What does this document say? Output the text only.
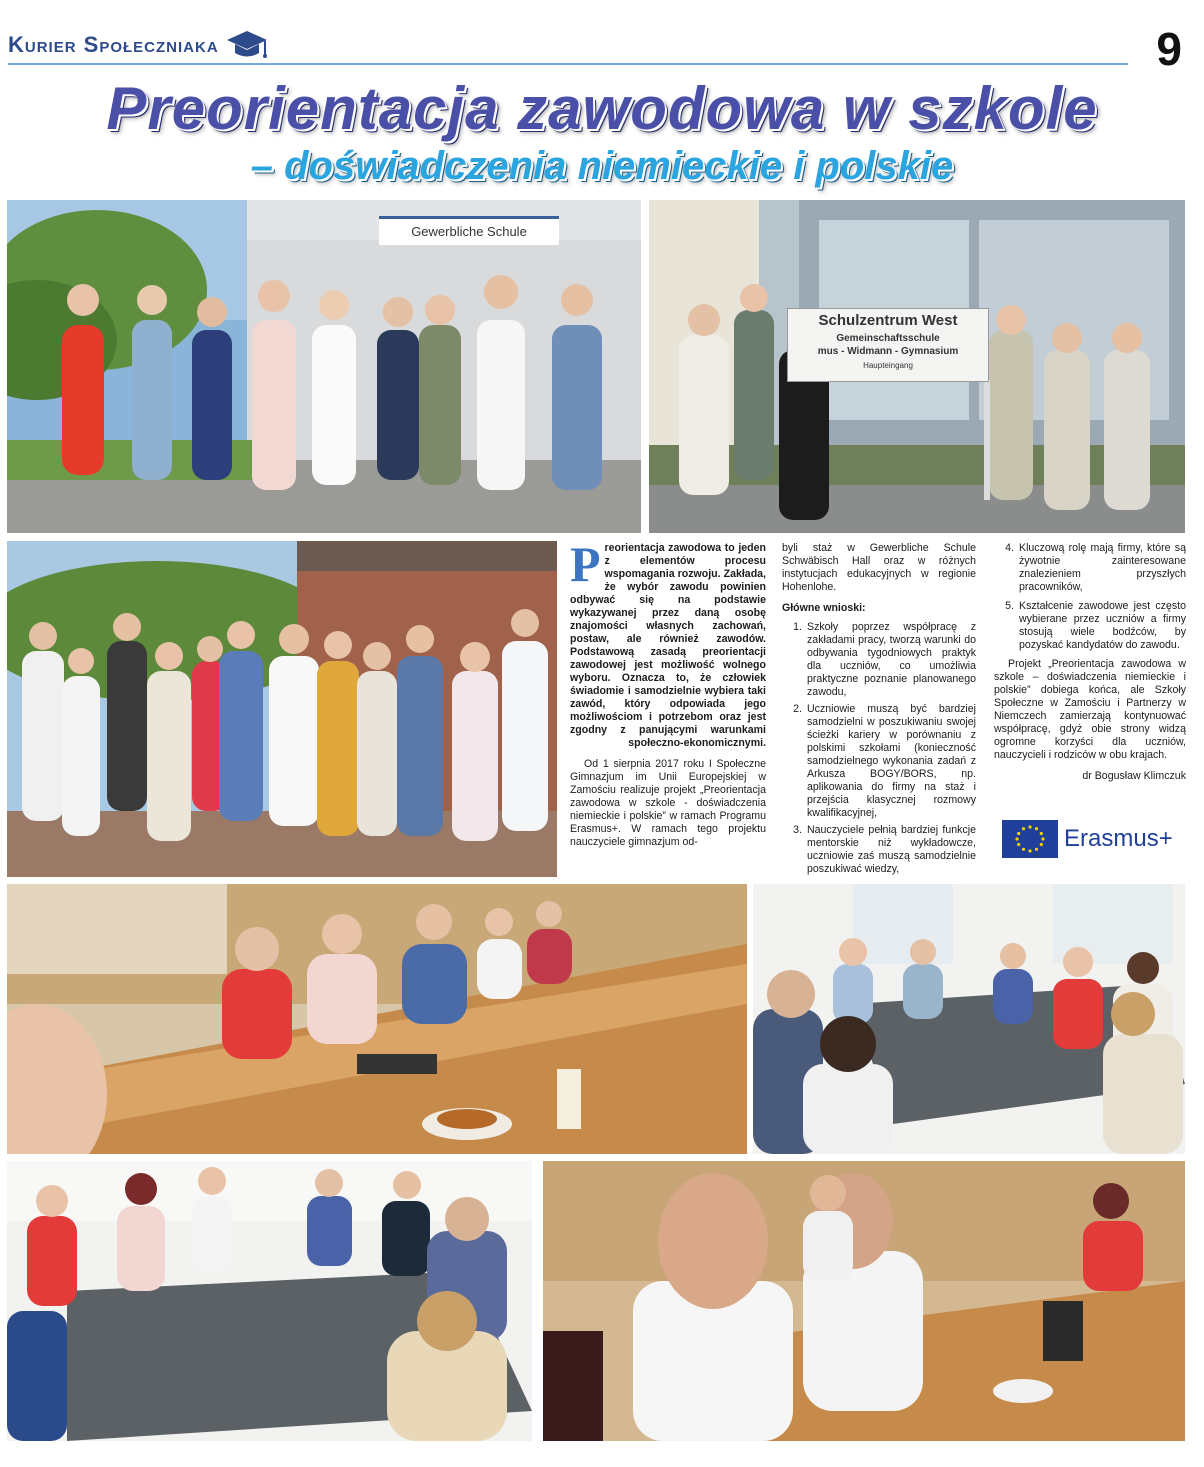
Kurier Społeczniaka	9
Preorientacja zawodowa w szkole
– doświadczenia niemieckie i polskie
Gewerbliche Schule
Schulzentrum West
Gemeinschaftsschule
mus - Widmann - Gymnasium
Haupteingang

Preorientacja zawodowa to jeden z elementów procesu wspomagania rozwoju. Zakłada, że wybór zawodu powinien odbywać się na podstawie wykazywanej przez daną osobę znajomości własnych zachowań, postaw, ale również zawodów. Podstawową zasadą preorientacji zawodowej jest możliwość wolnego wyboru. Oznacza to, że człowiek świadomie i samodzielnie wybiera taki zawód, który odpowiada jego możliwościom i potrzebom oraz jest zgodny z panującymi warunkami społeczno-ekonomicznymi.

Od 1 sierpnia 2017 roku I Społeczne Gimnazjum im Unii Europejskiej w Zamościu realizuje projekt „Preorientacja zawodowa w szkole - doświadczenia niemieckie i polskie” w ramach Programu Erasmus+. W ramach tego projektu nauczyciele gimnazjum od-

byli staż w Gewerbliche Schule Schwäbisch Hall oraz w różnych instytucjach edukacyjnych w regionie Hohenlohe.

Główne wnioski:

1. Szkoły poprzez współpracę z zakładami pracy, tworzą warunki do odbywania tygodniowych praktyk dla uczniów, co umożliwia praktyczne poznanie planowanego zawodu,
2. Uczniowie muszą być bardziej samodzielni w poszukiwaniu swojej ścieżki kariery w porównaniu z polskimi szkołami (konieczność samodzielnego wykonania zadań z Arkusza BOGY/BORS, np. aplikowania do firmy na staż i przejścia klasycznej rozmowy kwalifikacyjnej,
3. Nauczyciele pełnią bardziej funkcje mentorskie niż wykładowcze, uczniowie zaś muszą samodzielnie poszukiwać wiedzy,
4. Kluczową rolę mają firmy, które są żywotnie zainteresowane znalezieniem przyszłych pracowników,
5. Kształcenie zawodowe jest często wybierane przez uczniów a firmy stosują wiele bodźców, by pozyskać kandydatów do zawodu.

Projekt „Preorientacja zawodowa w szkole – doświadczenia niemieckie i polskie” dobiega końca, ale Szkoły Społeczne w Zamościu i Partnerzy w Niemczech zamierzają kontynuować współpracę, gdyż obie strony widzą ogromne korzyści dla uczniów, nauczycieli i rodziców w obu krajach.

dr Bogusław Klimczuk

Erasmus+
